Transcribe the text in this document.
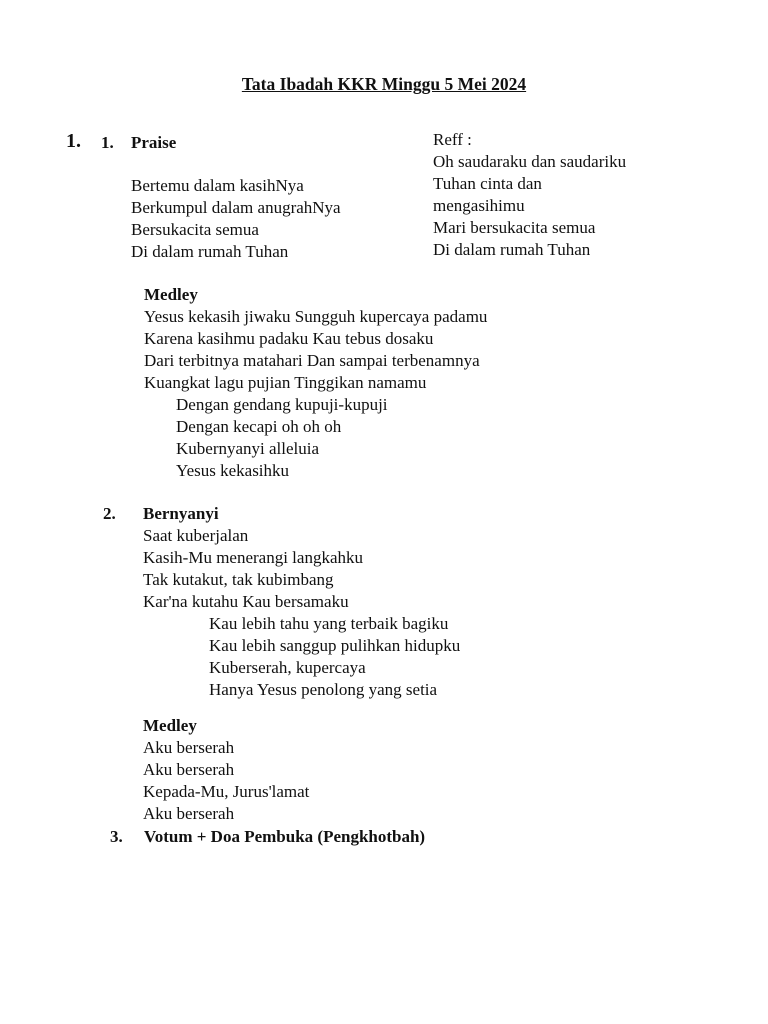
Tata Ibadah KKR Minggu 5 Mei 2024
1. 1. Praise
Bertemu dalam kasihNya
Berkumpul dalam anugrahNya
Bersukacita semua
Di dalam rumah Tuhan
Reff :
Oh saudaraku dan saudariku
Tuhan cinta dan
mengasihimu
Mari bersukacita semua
Di dalam rumah Tuhan
Medley
Yesus kekasih jiwaku Sungguh kupercaya padamu
Karena kasihmu padaku Kau tebus dosaku
Dari terbitnya matahari Dan sampai terbenamnya
Kuangkat lagu pujian Tinggikan namamu
Dengan gendang kupuji-kupuji
Dengan kecapi oh oh oh
Kubernyanyi alleluia
Yesus kekasihku
2. Bernyanyi
Saat kuberjalan
Kasih-Mu menerangi langkahku
Tak kutakut, tak kubimbang
Kar'na kutahu Kau bersamaku
Kau lebih tahu yang terbaik bagiku
Kau lebih sanggup pulihkan hidupku
Kuberserah, kupercaya
Hanya Yesus penolong yang setia
Medley
Aku berserah
Aku berserah
Kepada-Mu, Jurus'lamat
Aku berserah
3. Votum + Doa Pembuka (Pengkhotbah)
